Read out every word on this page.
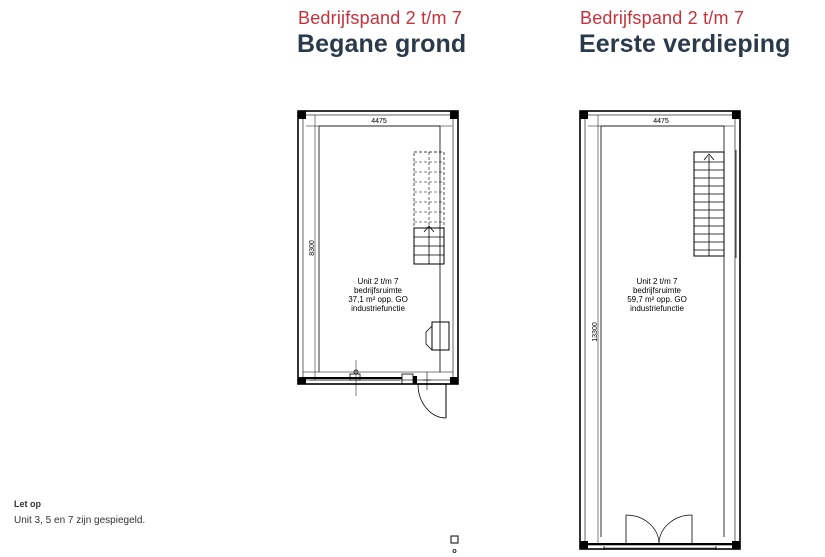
Bedrijfspand 2 t/m 7
Begane grond
Bedrijfspand 2 t/m 7
Eerste verdieping
Let op
Unit 3, 5 en 7 zijn gespiegeld.
4475
8300
Unit 2 t/m 7
bedrijfsruimte
37,1 m² opp. GO
industriefunctie
4475
13300
Unit 2 t/m 7
bedrijfsruimte
59,7 m² opp. GO
industriefunctie
